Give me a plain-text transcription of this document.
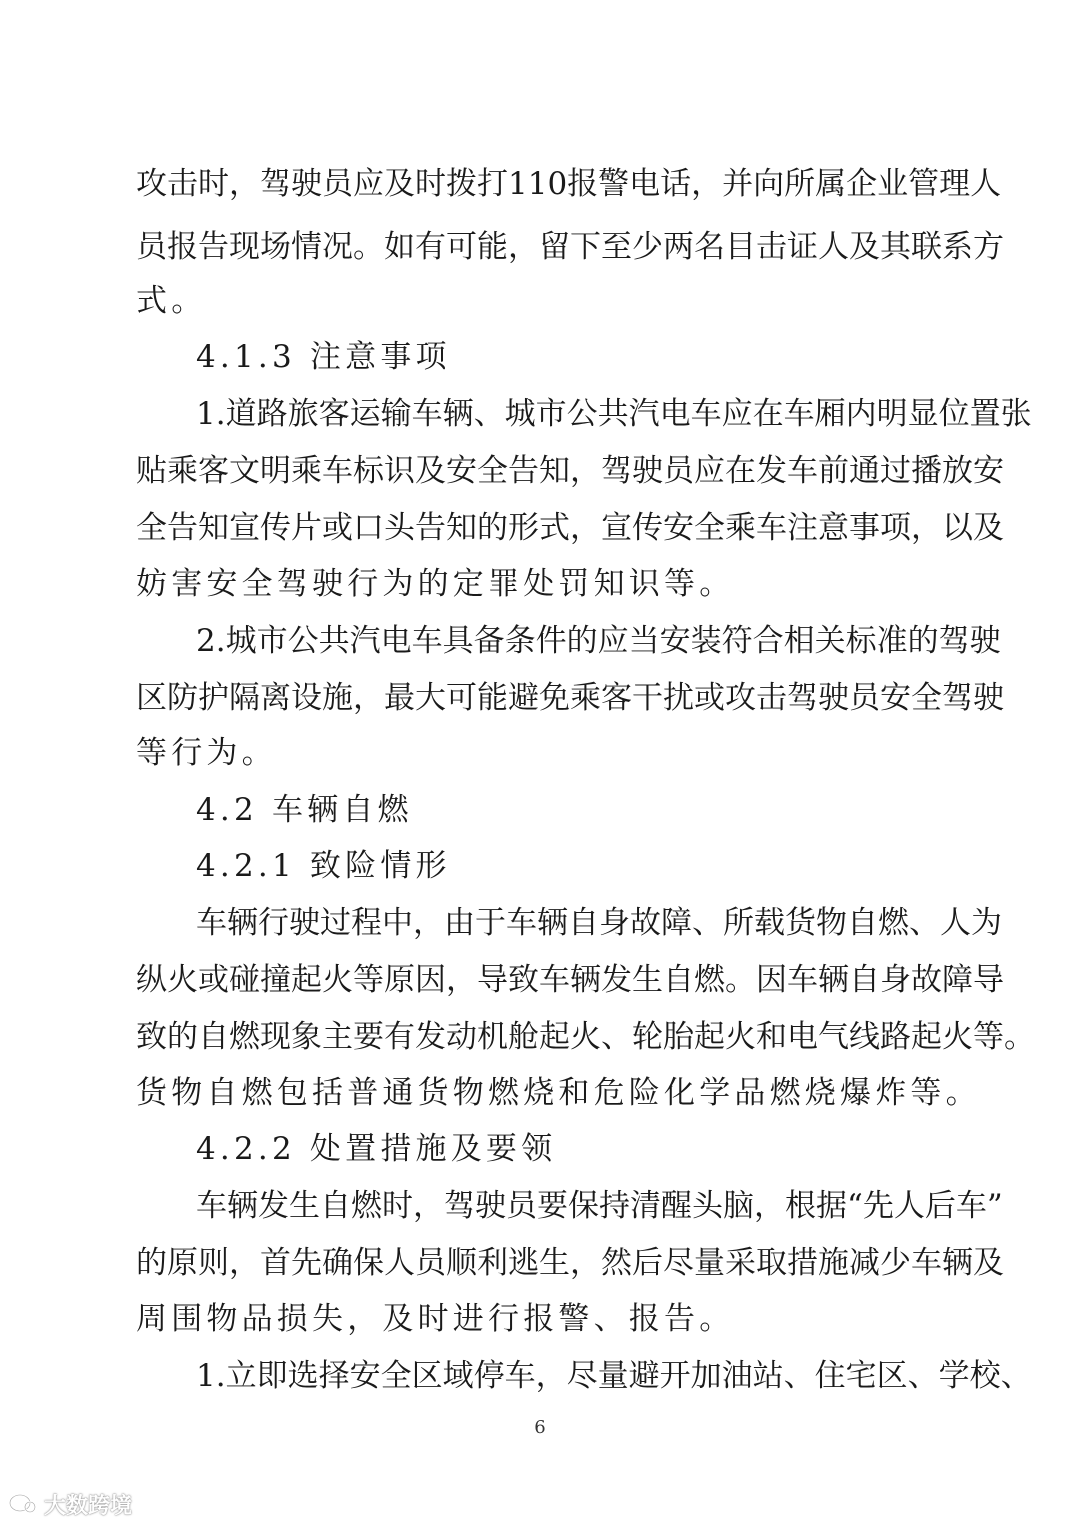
攻击时，驾驶员应及时拨打110报警电话，并向所属企业管理人
员报告现场情况。如有可能，留下至少两名目击证人及其联系方
式。
4.1.3 注意事项
1.道路旅客运输车辆、城市公共汽电车应在车厢内明显位置张
贴乘客文明乘车标识及安全告知，驾驶员应在发车前通过播放安
全告知宣传片或口头告知的形式，宣传安全乘车注意事项，以及
妨害安全驾驶行为的定罪处罚知识等。
2.城市公共汽电车具备条件的应当安装符合相关标准的驾驶
区防护隔离设施，最大可能避免乘客干扰或攻击驾驶员安全驾驶
等行为。
4.2 车辆自燃
4.2.1 致险情形
车辆行驶过程中，由于车辆自身故障、所载货物自燃、人为
纵火或碰撞起火等原因，导致车辆发生自燃。因车辆自身故障导
致的自燃现象主要有发动机舱起火、轮胎起火和电气线路起火等。
货物自燃包括普通货物燃烧和危险化学品燃烧爆炸等。
4.2.2 处置措施及要领
车辆发生自燃时，驾驶员要保持清醒头脑，根据“先人后车”
的原则，首先确保人员顺利逃生，然后尽量采取措施减少车辆及
周围物品损失，及时进行报警、报告。
1.立即选择安全区域停车，尽量避开加油站、住宅区、学校、
6
大数跨境
